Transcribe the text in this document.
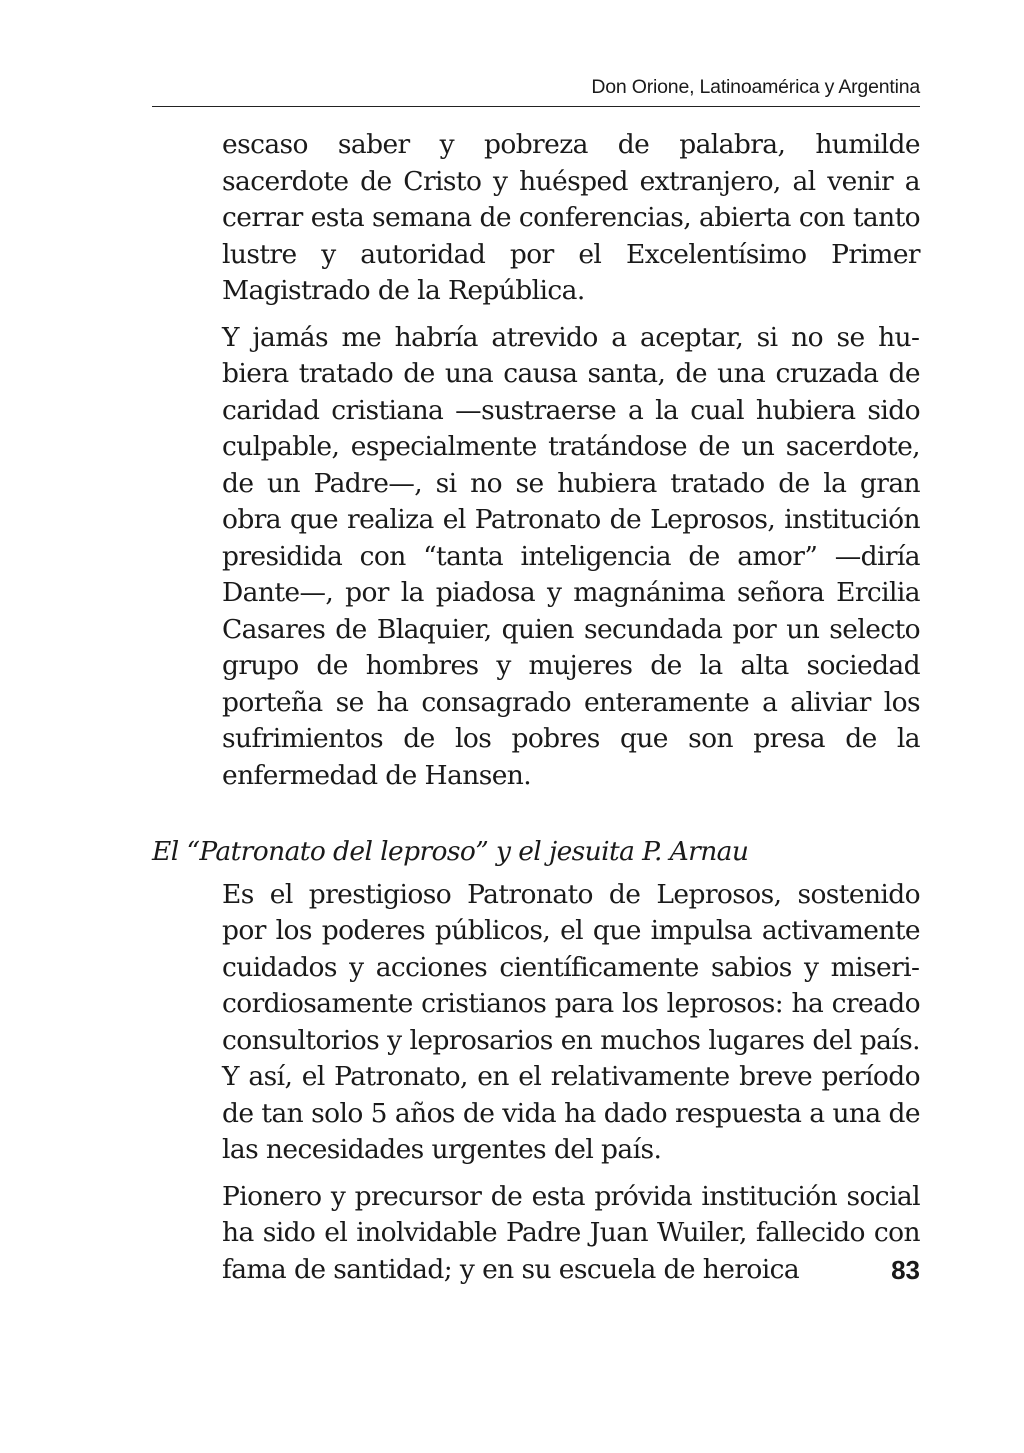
Don Orione, Latinoamérica y Argentina

escaso saber y pobreza de palabra, humilde sacerdote de Cristo y huésped extranjero, al venir a cerrar esta semana de conferencias, abierta con tanto lustre y autoridad por el Excelentísimo Primer Magistrado de la República.

Y jamás me habría atrevido a aceptar, si no se hubiera tratado de una causa santa, de una cruzada de caridad cristiana —sustraerse a la cual hubiera sido culpable, especialmente tratándose de un sacerdote, de un Padre—, si no se hubiera tratado de la gran obra que realiza el Patronato de Leprosos, institución presidida con “tanta inteligencia de amor” —diría Dante—, por la piadosa y magnánima señora Ercilia Casares de Blaquier, quien secundada por un selecto grupo de hombres y mujeres de la alta sociedad porteña se ha consagrado enteramente a aliviar los sufrimientos de los pobres que son presa de la enfermedad de Hansen.

El “Patronato del leproso” y el jesuita P. Arnau

Es el prestigioso Patronato de Leprosos, sostenido por los poderes públicos, el que impulsa activamente cuidados y acciones científicamente sabios y misericordiosamente cristianos para los leprosos: ha creado consultorios y leprosarios en muchos lugares del país. Y así, el Patronato, en el relativamente breve período de tan solo 5 años de vida ha dado respuesta a una de las necesidades urgentes del país.

Pionero y precursor de esta próvida institución social ha sido el inolvidable Padre Juan Wuiler, fallecido con fama de santidad; y en su escuela de heroica	83
